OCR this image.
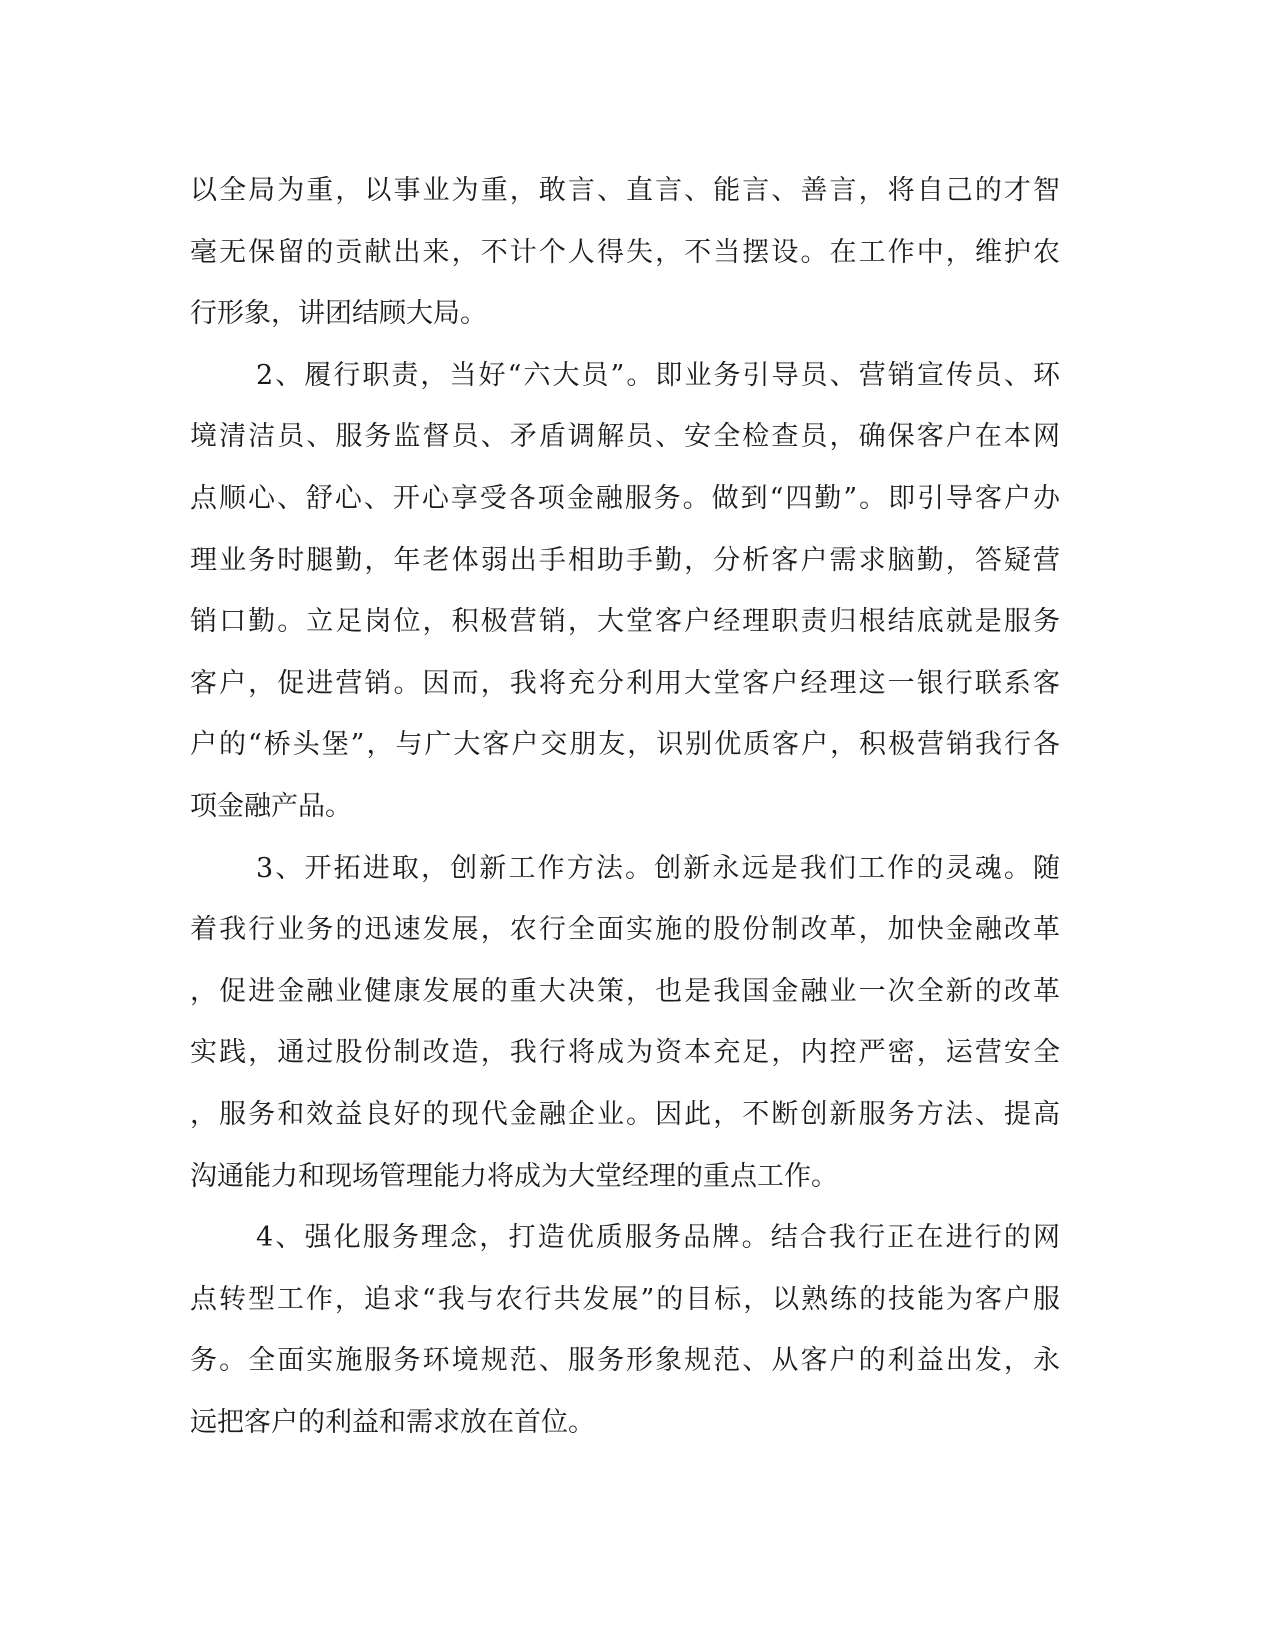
以全局为重，以事业为重，敢言、直言、能言、善言，将自己的才智
毫无保留的贡献出来，不计个人得失，不当摆设。在工作中，维护农
行形象，讲团结顾大局。
2、履行职责，当好“六大员”。即业务引导员、营销宣传员、环
境清洁员、服务监督员、矛盾调解员、安全检查员，确保客户在本网
点顺心、舒心、开心享受各项金融服务。做到“四勤”。即引导客户办
理业务时腿勤，年老体弱出手相助手勤，分析客户需求脑勤，答疑营
销口勤。立足岗位，积极营销，大堂客户经理职责归根结底就是服务
客户，促进营销。因而，我将充分利用大堂客户经理这一银行联系客
户的“桥头堡”，与广大客户交朋友，识别优质客户，积极营销我行各
项金融产品。
3、开拓进取，创新工作方法。创新永远是我们工作的灵魂。随
着我行业务的迅速发展，农行全面实施的股份制改革，加快金融改革
，促进金融业健康发展的重大决策，也是我国金融业一次全新的改革
实践，通过股份制改造，我行将成为资本充足，内控严密，运营安全
，服务和效益良好的现代金融企业。因此，不断创新服务方法、提高
沟通能力和现场管理能力将成为大堂经理的重点工作。
4、强化服务理念，打造优质服务品牌。结合我行正在进行的网
点转型工作，追求“我与农行共发展”的目标，以熟练的技能为客户服
务。全面实施服务环境规范、服务形象规范、从客户的利益出发，永
远把客户的利益和需求放在首位。
